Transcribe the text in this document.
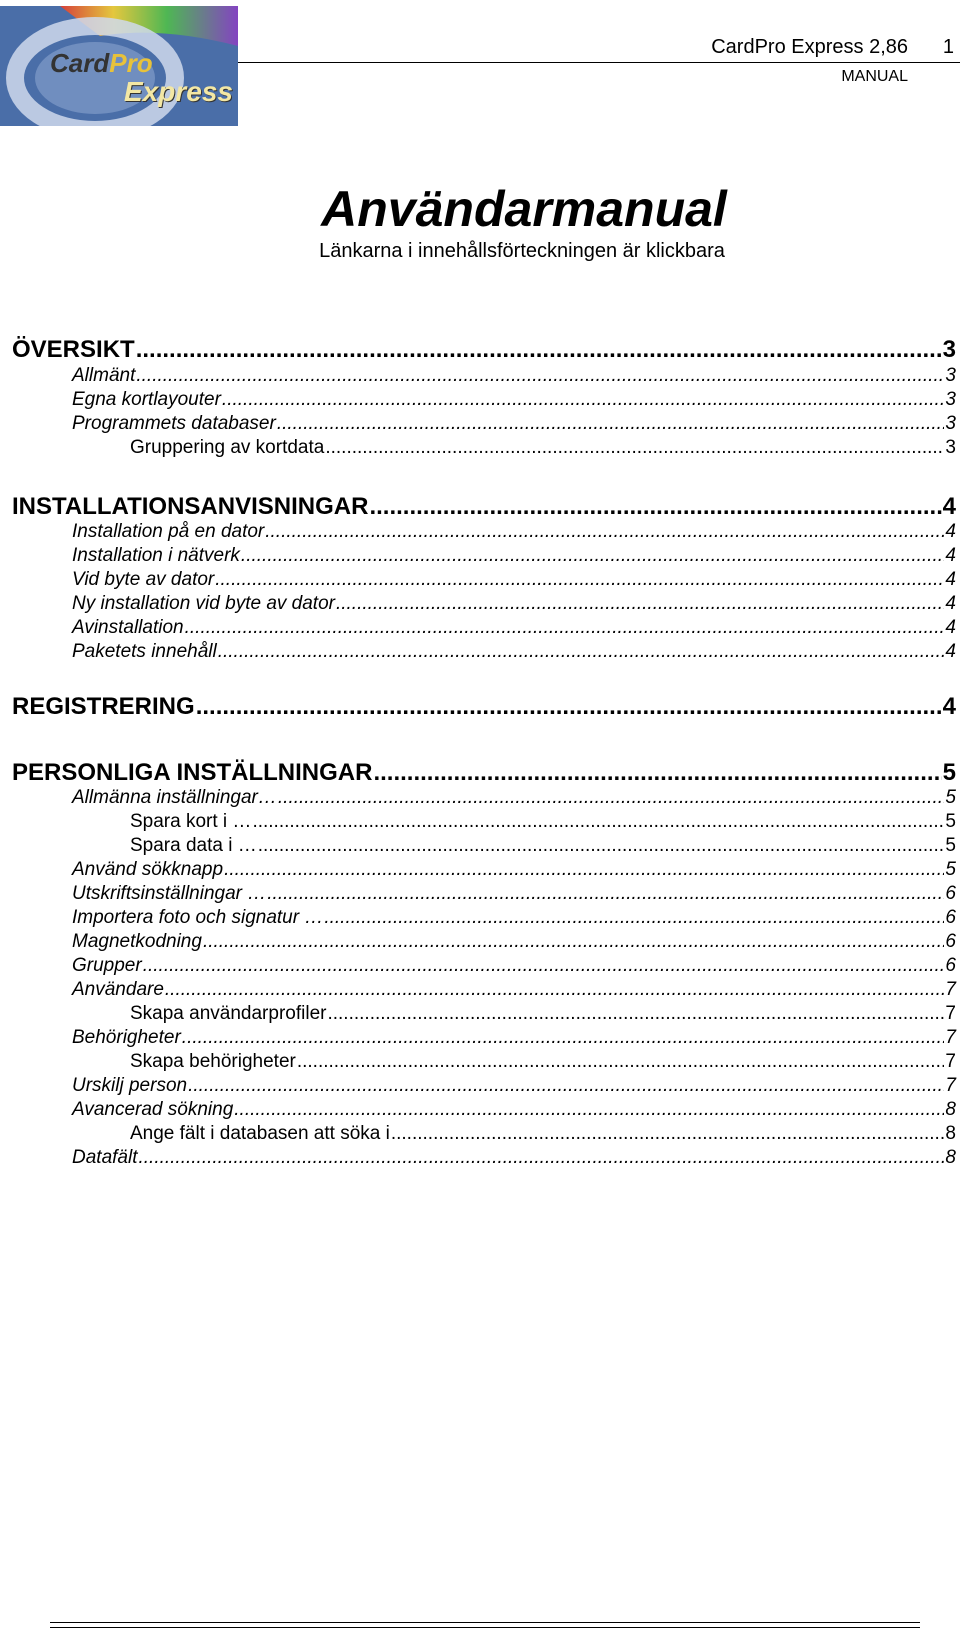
CardPro
Express
CardPro Express 2,86 1
MANUAL
Användarmanual
Länkarna i innehållsförteckningen är klickbara
ÖVERSIKT .....	3
Allmänt .....	3
Egna kortlayouter .....	3
Programmets databaser .....	3
Gruppering av kortdata .....	3
INSTALLATIONSANVISNINGAR .....	4
Installation på en dator .....	4
Installation i nätverk .....	4
Vid byte av dator .....	4
Ny installation vid byte av dator .....	4
Avinstallation .....	4
Paketets innehåll .....	4
REGISTRERING .....	4
PERSONLIGA INSTÄLLNINGAR .....	5
Allmänna inställningar… .....	5
Spara kort i … .....	5
Spara data i … .....	5
Använd sökknapp .....	5
Utskriftsinställningar … .....	6
Importera foto och signatur … .....	6
Magnetkodning .....	6
Grupper .....	6
Användare .....	7
Skapa användarprofiler .....	7
Behörigheter .....	7
Skapa behörigheter .....	7
Urskilj person .....	7
Avancerad sökning .....	8
Ange fält i databasen att söka i .....	8
Datafält .....	8
